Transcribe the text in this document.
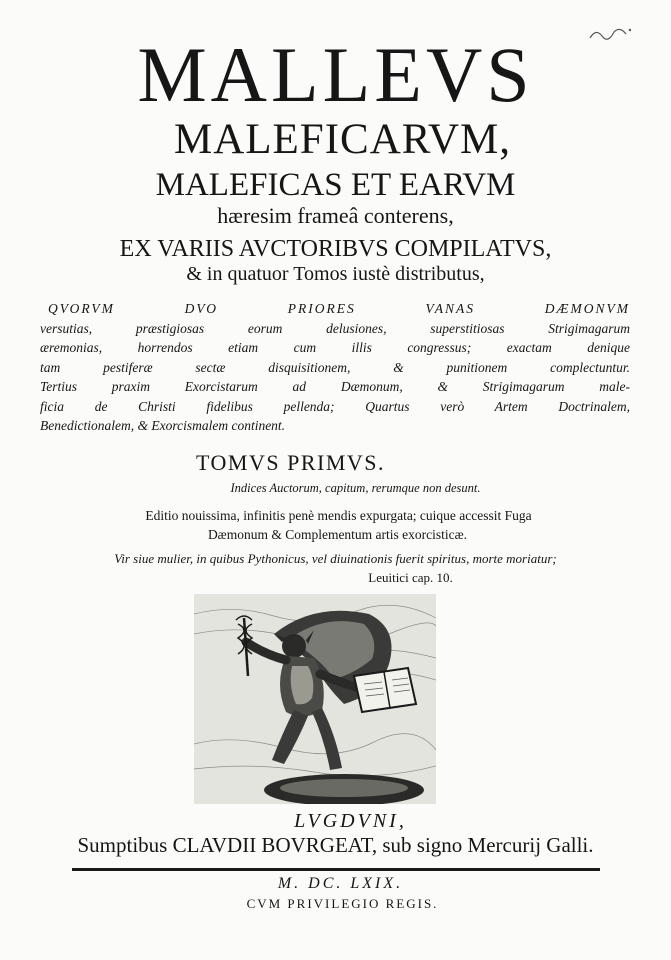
MALLEVS
MALEFICARVM,
MALEFICAS ET EARVM
hæresim frameâ conterens,
EX VARIIS AVCTORIBVS COMPILATVS,
& in quatuor Tomos iustè distributus,
QVORVM DVO PRIORES VANAS DÆMONVM
versutias, præstigiosas eorum delusiones, superstitiosas Strigimagarum
æremonias, horrendos etiam cum illis congressus; exactam denique
tam pestiferæ sectæ disquisitionem, & punitionem complectuntur.
Tertius praxim Exorcistarum ad Dæmonum, & Strigimagarum male-
ficia de Christi fidelibus pellenda; Quartus verò Artem Doctrinalem,
Benedictionalem, & Exorcismalem continent.
TOMVS PRIMVS.
Indices Auctorum, capitum, rerumque non desunt.
Editio nouissima, infinitis penè mendis expurgata; cuique accessit Fuga
Dæmonum & Complementum artis exorcisticæ.
Vir siue mulier, in quibus Pythonicus, vel diuinationis fuerit spiritus, morte moriatur;
Leuitici cap. 10.
LVGDVNI,
Sumptibus CLAVDII BOVRGEAT, sub signo Mercurij Galli.
M. DC. LXIX.
CVM PRIVILEGIO REGIS.
